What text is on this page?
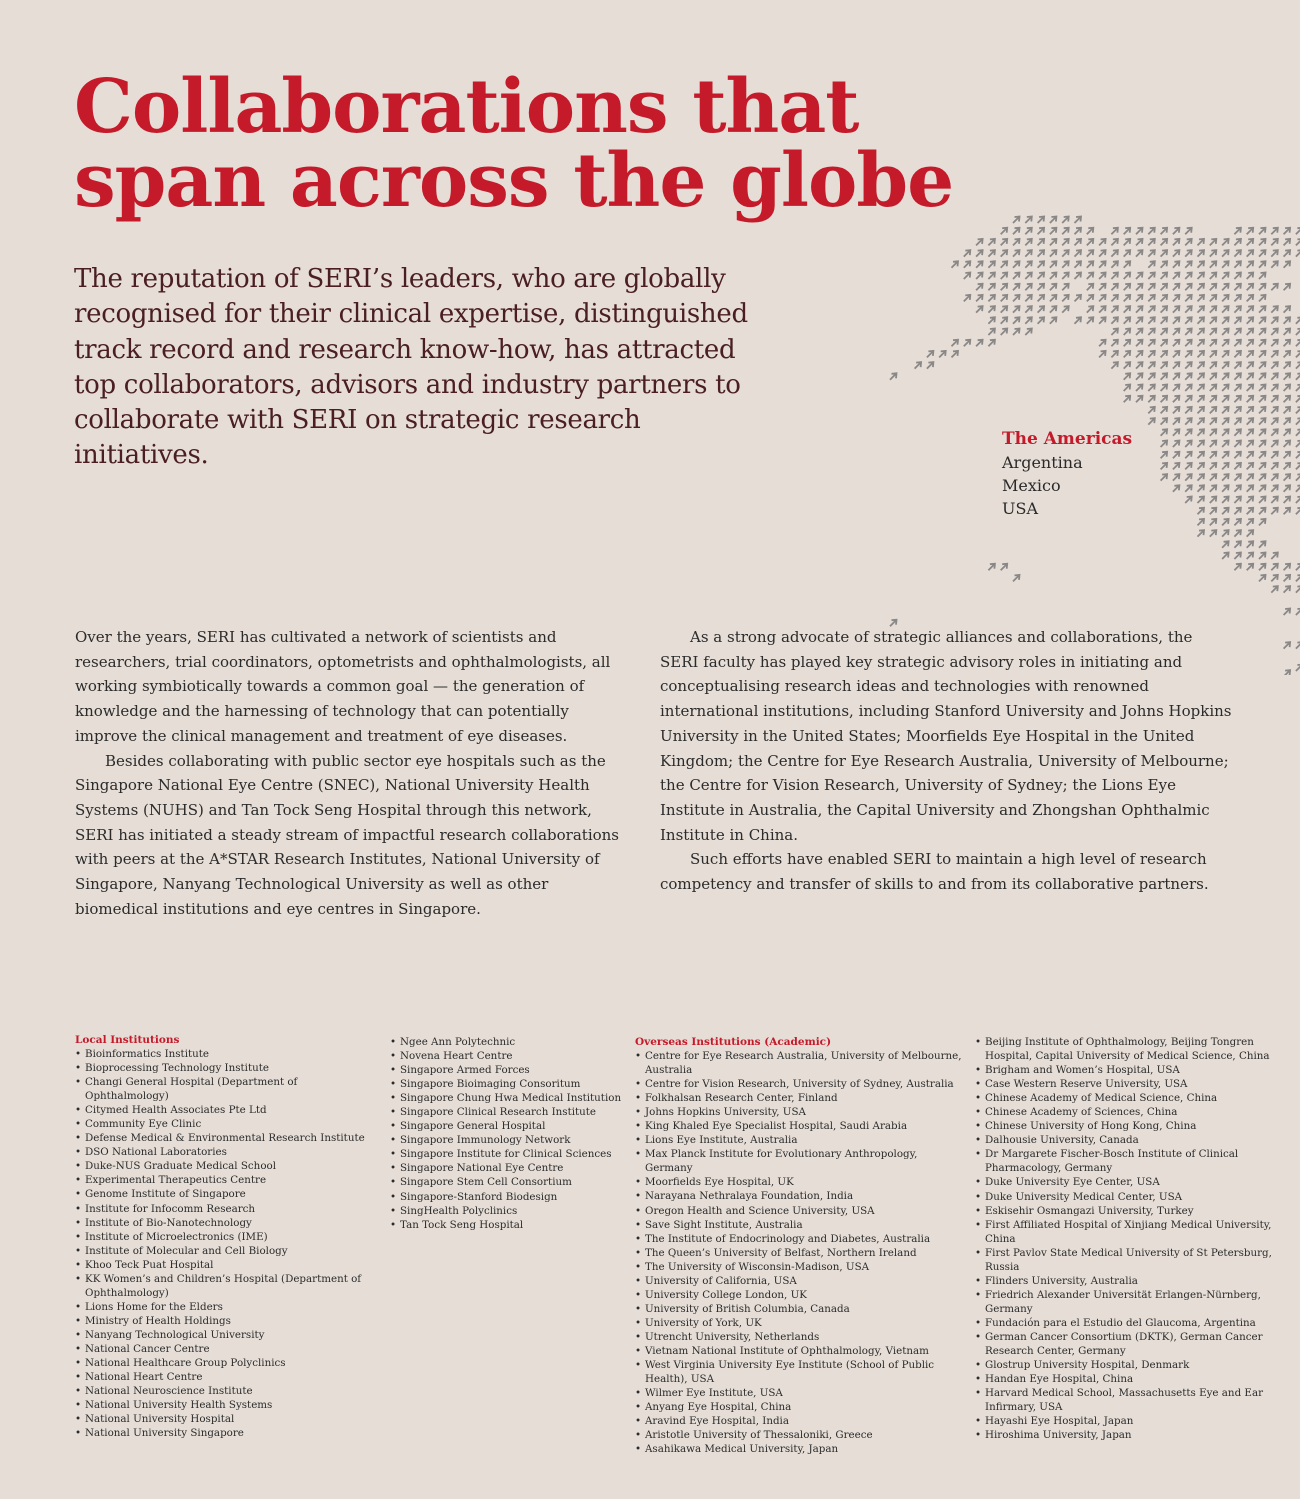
Collaborations that
span across the globe

The reputation of SERI’s leaders, who are globally recognised for their clinical expertise, distinguished track record and research know-how, has attracted top collaborators, advisors and industry partners to collaborate with SERI on strategic research initiatives.

The Americas
Argentina
Mexico
USA

Over the years, SERI has cultivated a network of scientists and researchers, trial coordinators, optometrists and ophthalmologists, all working symbiotically towards a common goal — the generation of knowledge and the harnessing of technology that can potentially improve the clinical management and treatment of eye diseases.

Besides collaborating with public sector eye hospitals such as the Singapore National Eye Centre (SNEC), National University Health Systems (NUHS) and Tan Tock Seng Hospital through this network, SERI has initiated a steady stream of impactful research collaborations with peers at the A*STAR Research Institutes, National University of Singapore, Nanyang Technological University as well as other biomedical institutions and eye centres in Singapore.

As a strong advocate of strategic alliances and collaborations, the SERI faculty has played key strategic advisory roles in initiating and conceptualising research ideas and technologies with renowned international institutions, including Stanford University and Johns Hopkins University in the United States; Moorfields Eye Hospital in the United Kingdom; the Centre for Eye Research Australia, University of Melbourne; the Centre for Vision Research, University of Sydney; the Lions Eye Institute in Australia, the Capital University and Zhongshan Ophthalmic Institute in China.

Such efforts have enabled SERI to maintain a high level of research competency and transfer of skills to and from its collaborative partners.

Local Institutions
• Bioinformatics Institute
• Bioprocessing Technology Institute
• Changi General Hospital (Department of Ophthalmology)
• Citymed Health Associates Pte Ltd
• Community Eye Clinic
• Defense Medical & Environmental Research Institute
• DSO National Laboratories
• Duke-NUS Graduate Medical School
• Experimental Therapeutics Centre
• Genome Institute of Singapore
• Institute for Infocomm Research
• Institute of Bio-Nanotechnology
• Institute of Microelectronics (IME)
• Institute of Molecular and Cell Biology
• Khoo Teck Puat Hospital
• KK Women’s and Children’s Hospital (Department of Ophthalmology)
• Lions Home for the Elders
• Ministry of Health Holdings
• Nanyang Technological University
• National Cancer Centre
• National Healthcare Group Polyclinics
• National Heart Centre
• National Neuroscience Institute
• National University Health Systems
• National University Hospital
• National University Singapore
• Ngee Ann Polytechnic
• Novena Heart Centre
• Singapore Armed Forces
• Singapore Bioimaging Consoritum
• Singapore Chung Hwa Medical Institution
• Singapore Clinical Research Institute
• Singapore General Hospital
• Singapore Immunology Network
• Singapore Institute for Clinical Sciences
• Singapore National Eye Centre
• Singapore Stem Cell Consortium
• Singapore-Stanford Biodesign
• SingHealth Polyclinics
• Tan Tock Seng Hospital
Overseas Institutions (Academic)
• Centre for Eye Research Australia, University of Melbourne, Australia
• Centre for Vision Research, University of Sydney, Australia
• Folkhalsan Research Center, Finland
• Johns Hopkins University, USA
• King Khaled Eye Specialist Hospital, Saudi Arabia
• Lions Eye Institute, Australia
• Max Planck Institute for Evolutionary Anthropology, Germany
• Moorfields Eye Hospital, UK
• Narayana Nethralaya Foundation, India
• Oregon Health and Science University, USA
• Save Sight Institute, Australia
• The Institute of Endocrinology and Diabetes, Australia
• The Queen’s University of Belfast, Northern Ireland
• The University of Wisconsin-Madison, USA
• University of California, USA
• University College London, UK
• University of British Columbia, Canada
• University of York, UK
• Utrencht University, Netherlands
• Vietnam National Institute of Ophthalmology, Vietnam
• West Virginia University Eye Institute (School of Public Health), USA
• Wilmer Eye Institute, USA
• Anyang Eye Hospital, China
• Aravind Eye Hospital, India
• Aristotle University of Thessaloniki, Greece
• Asahikawa Medical University, Japan
• Beijing Institute of Ophthalmology, Beijing Tongren Hospital, Capital University of Medical Science, China
• Brigham and Women’s Hospital, USA
• Case Western Reserve University, USA
• Chinese Academy of Medical Science, China
• Chinese Academy of Sciences, China
• Chinese University of Hong Kong, China
• Dalhousie University, Canada
• Dr Margarete Fischer-Bosch Institute of Clinical Pharmacology, Germany
• Duke University Eye Center, USA
• Duke University Medical Center, USA
• Eskisehir Osmangazi University, Turkey
• First Affiliated Hospital of Xinjiang Medical University, China
• First Pavlov State Medical University of St Petersburg, Russia
• Flinders University, Australia
• Friedrich Alexander Universität Erlangen-Nürnberg, Germany
• Fundación para el Estudio del Glaucoma, Argentina
• German Cancer Consortium (DKTK), German Cancer Research Center, Germany
• Glostrup University Hospital, Denmark
• Handan Eye Hospital, China
• Harvard Medical School, Massachusetts Eye and Ear Infirmary, USA
• Hayashi Eye Hospital, Japan
• Hiroshima University, Japan
